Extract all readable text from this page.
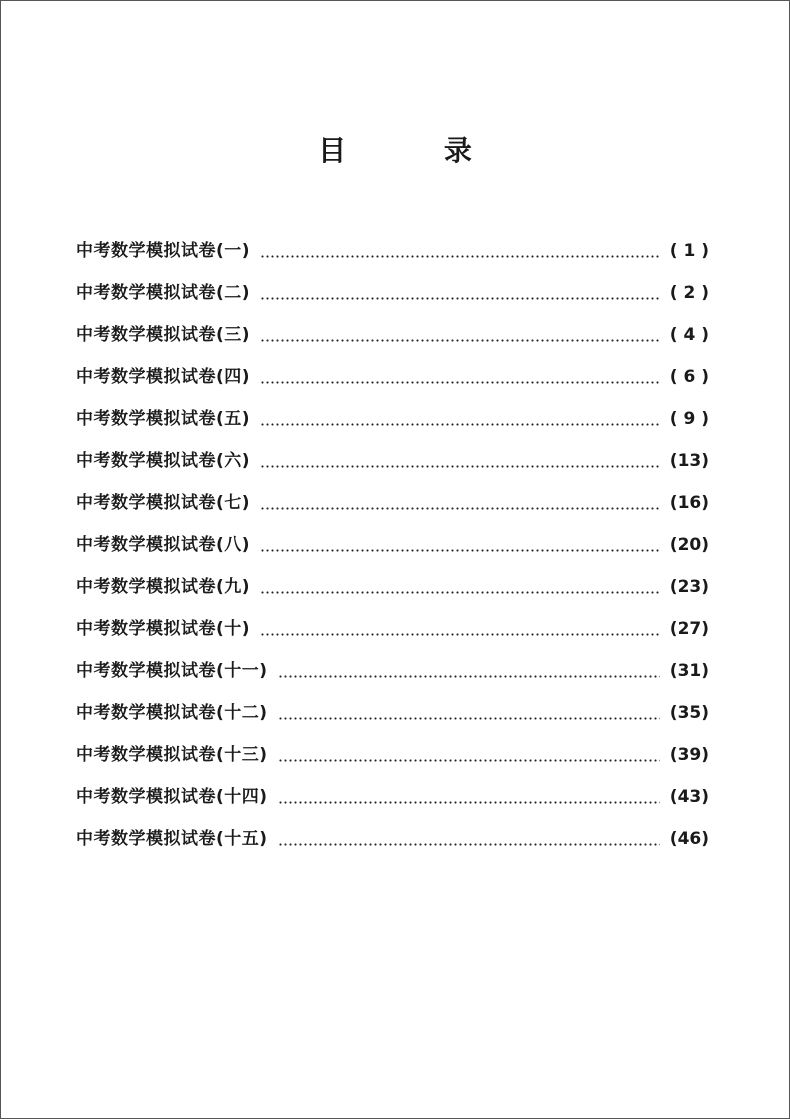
目 录
中考数学模拟试卷(一)	( 1 )
中考数学模拟试卷(二)	( 2 )
中考数学模拟试卷(三)	( 4 )
中考数学模拟试卷(四)	( 6 )
中考数学模拟试卷(五)	( 9 )
中考数学模拟试卷(六)	(13)
中考数学模拟试卷(七)	(16)
中考数学模拟试卷(八)	(20)
中考数学模拟试卷(九)	(23)
中考数学模拟试卷(十)	(27)
中考数学模拟试卷(十一)	(31)
中考数学模拟试卷(十二)	(35)
中考数学模拟试卷(十三)	(39)
中考数学模拟试卷(十四)	(43)
中考数学模拟试卷(十五)	(46)
